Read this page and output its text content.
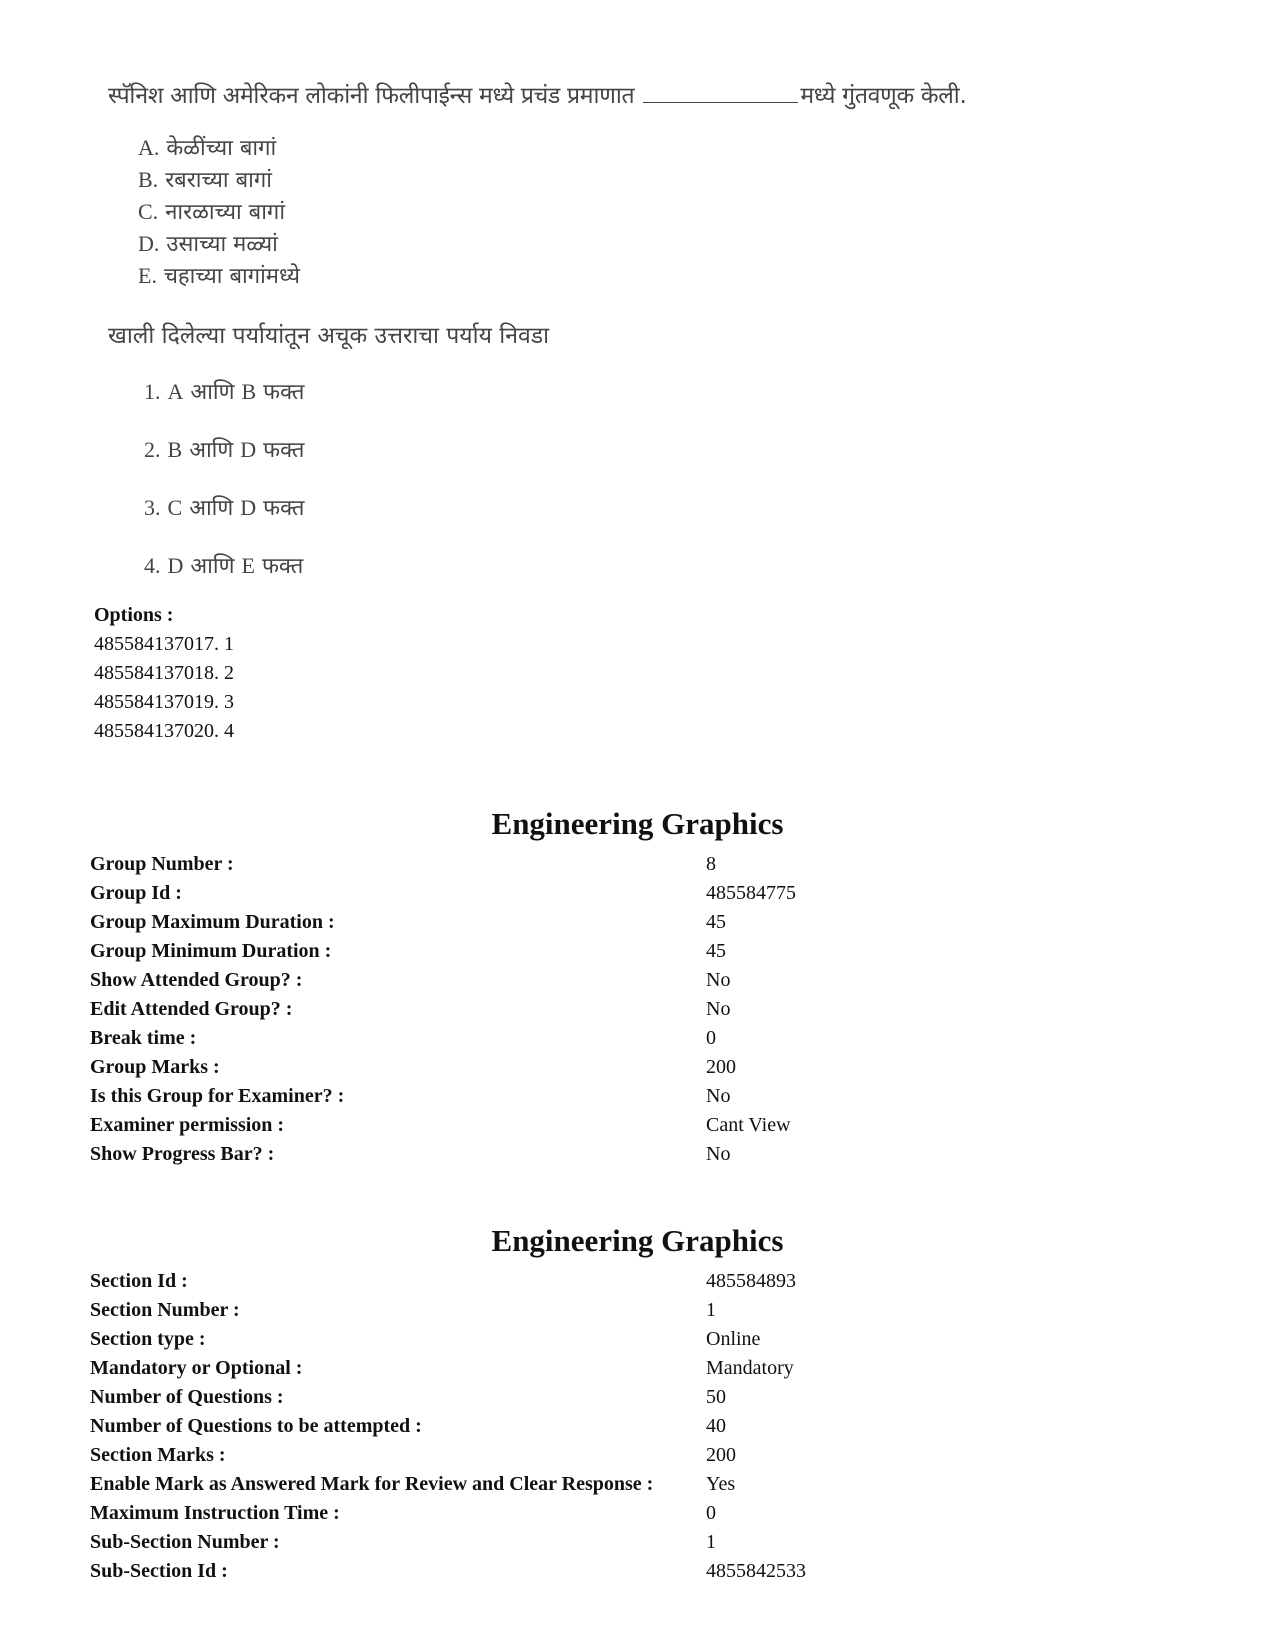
स्पॅनिश आणि अमेरिकन लोकांनी फिलीपाईन्स मध्ये प्रचंड प्रमाणात	मध्ये गुंतवणूक केली.
A. केळींच्या बागां
B. रबराच्या बागां
C. नारळाच्या बागां
D. उसाच्या मळ्यां
E. चहाच्या बागांमध्ये
खाली दिलेल्या पर्यायांतून अचूक उत्तराचा पर्याय निवडा
1. A आणि B फक्त
2. B आणि D फक्त
3. C आणि D फक्त
4. D आणि E फक्त
Options :
485584137017. 1
485584137018. 2
485584137019. 3
485584137020. 4
Engineering Graphics
Group Number :	8
Group Id :	485584775
Group Maximum Duration :	45
Group Minimum Duration :	45
Show Attended Group? :	No
Edit Attended Group? :	No
Break time :	0
Group Marks :	200
Is this Group for Examiner? :	No
Examiner permission :	Cant View
Show Progress Bar? :	No
Engineering Graphics
Section Id :	485584893
Section Number :	1
Section type :	Online
Mandatory or Optional :	Mandatory
Number of Questions :	50
Number of Questions to be attempted :	40
Section Marks :	200
Enable Mark as Answered Mark for Review and Clear Response :	Yes
Maximum Instruction Time :	0
Sub-Section Number :	1
Sub-Section Id :	4855842533
